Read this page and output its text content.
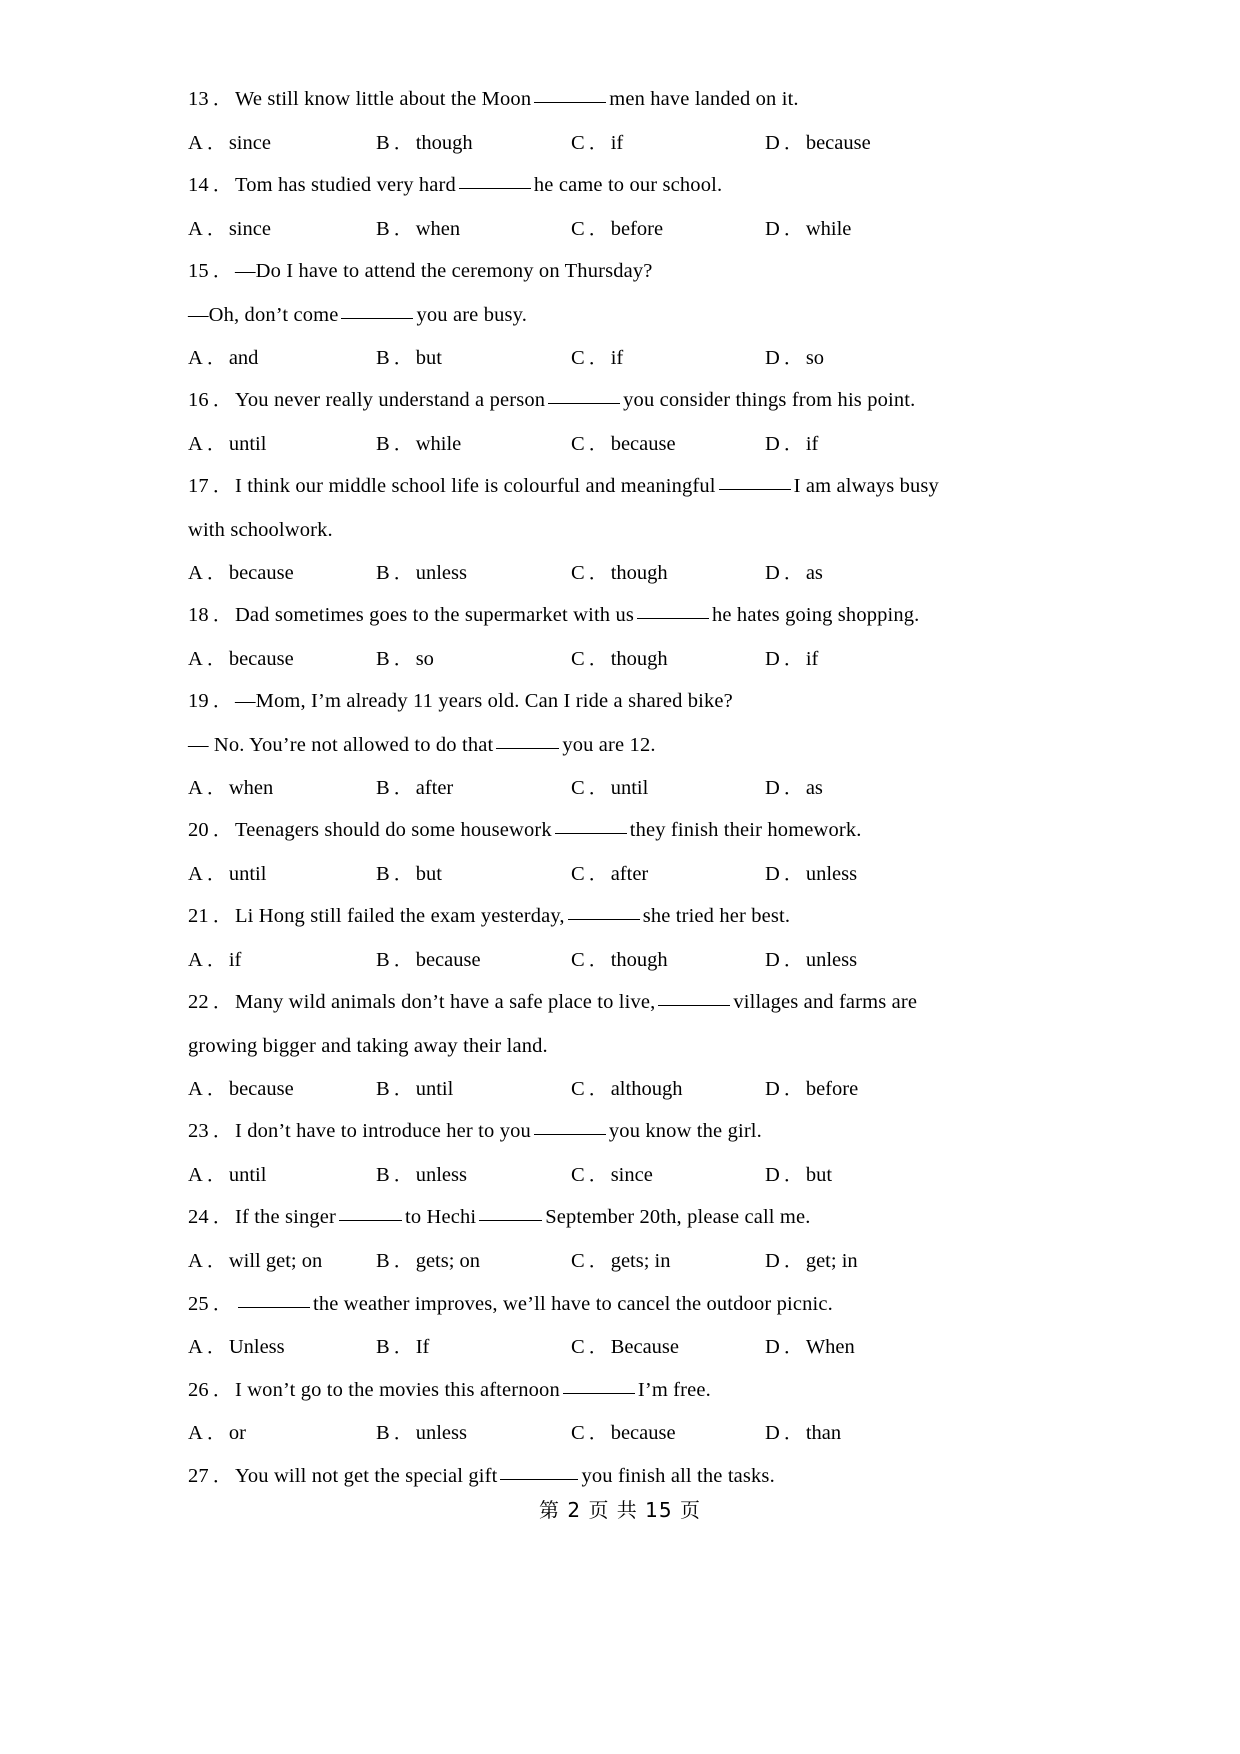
13 ． We still know little about the Moon	men have landed on it.
A ． since	B ． though	C ． if	D ． because
14 ． Tom has studied very hard	he came to our school.
A ． since	B ． when	C ． before	D ． while
15 ． —Do I have to attend the ceremony on Thursday?
—Oh, don’t come	you are busy.
A ． and	B ． but	C ． if	D ． so
16 ． You never really understand a person	you consider things from his point.
A ． until	B ． while	C ． because	D ． if
17 ． I think our middle school life is colourful and meaningful	I am always busy
with schoolwork.
A ． because	B ． unless	C ． though	D ． as
18 ． Dad sometimes goes to the supermarket with us	he hates going shopping.
A ． because	B ． so	C ． though	D ． if
19 ． —Mom, I’m already 11 years old. Can I ride a shared bike?
— No. You’re not allowed to do that	you are 12.
A ． when	B ． after	C ． until	D ． as
20 ． Teenagers should do some housework	they finish their homework.
A ． until	B ． but	C ． after	D ． unless
21 ． Li Hong still failed the exam yesterday,	she tried her best.
A ． if	B ． because	C ． though	D ． unless
22 ． Many wild animals don’t have a safe place to live,	villages and farms are
growing bigger and taking away their land.
A ． because	B ． until	C ． although	D ． before
23 ． I don’t have to introduce her to you	you know the girl.
A ． until	B ． unless	C ． since	D ． but
24 ． If the singer	to Hechi	September 20th, please call me.
A ． will get; on	B ． gets; on	C ． gets; in	D ． get; in
25 ．	the weather improves, we’ll have to cancel the outdoor picnic.
A ． Unless	B ． If	C ． Because	D ． When
26 ． I won’t go to the movies this afternoon	I’m free.
A ． or	B ． unless	C ． because	D ． than
27 ． You will not get the special gift	you finish all the tasks.
第 2 页 共 15 页
